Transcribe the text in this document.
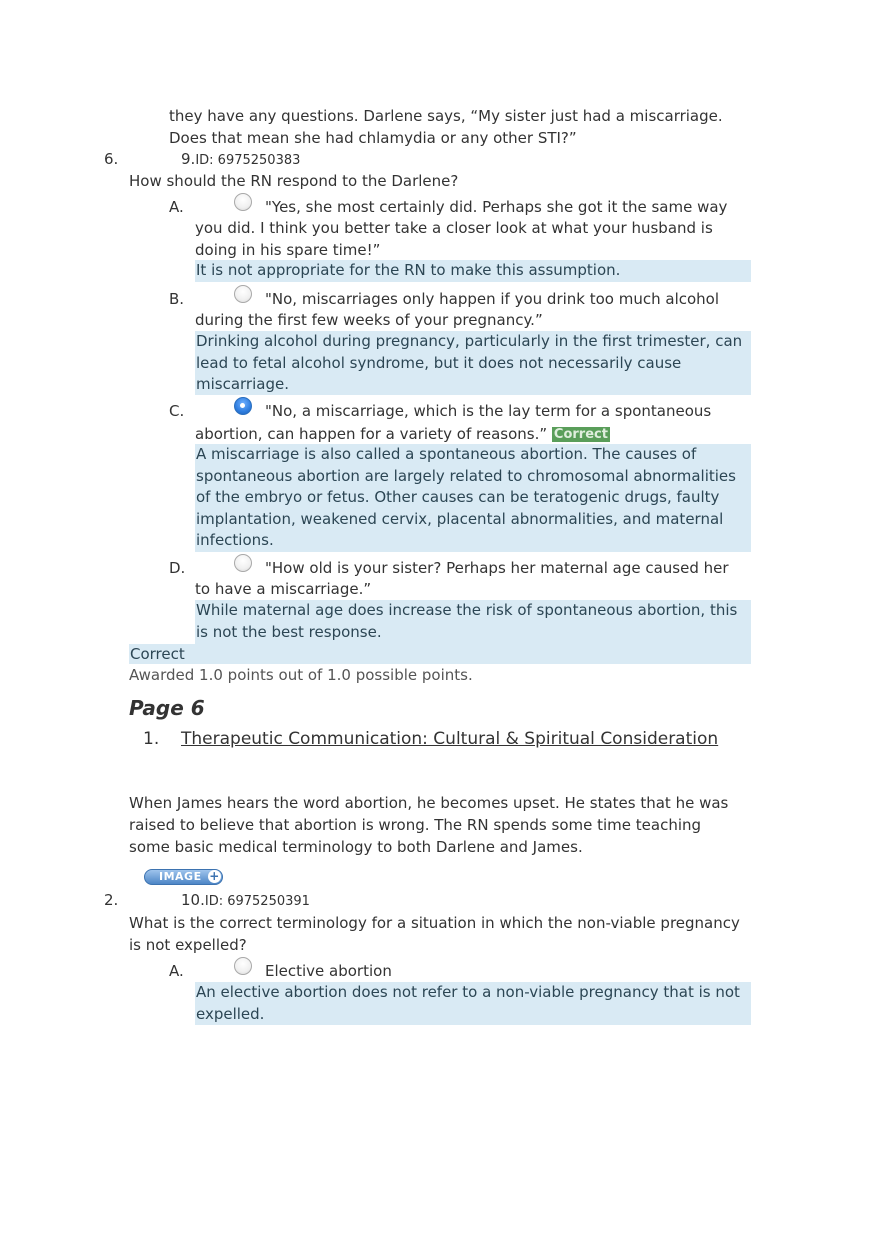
they have any questions. Darlene says, “My sister just had a miscarriage.
Does that mean she had chlamydia or any other STI?”
6.	9.ID: 6975250383
How should the RN respond to the Darlene?
A.	"Yes, she most certainly did. Perhaps she got it the same way
you did. I think you better take a closer look at what your husband is
doing in his spare time!”
It is not appropriate for the RN to make this assumption.
B.	"No, miscarriages only happen if you drink too much alcohol
during the first few weeks of your pregnancy.”
Drinking alcohol during pregnancy, particularly in the first trimester, can
lead to fetal alcohol syndrome, but it does not necessarily cause
miscarriage.
C.	"No, a miscarriage, which is the lay term for a spontaneous
abortion, can happen for a variety of reasons.” Correct
A miscarriage is also called a spontaneous abortion. The causes of
spontaneous abortion are largely related to chromosomal abnormalities
of the embryo or fetus. Other causes can be teratogenic drugs, faulty
implantation, weakened cervix, placental abnormalities, and maternal
infections.
D.	"How old is your sister? Perhaps her maternal age caused her
to have a miscarriage.”
While maternal age does increase the risk of spontaneous abortion, this
is not the best response.
Correct
Awarded 1.0 points out of 1.0 possible points.
Page 6
1. Therapeutic Communication: Cultural & Spiritual Consideration
When James hears the word abortion, he becomes upset. He states that he was
raised to believe that abortion is wrong. The RN spends some time teaching
some basic medical terminology to both Darlene and James.
IMAGE +
2.	10.ID: 6975250391
What is the correct terminology for a situation in which the non-viable pregnancy
is not expelled?
A.	Elective abortion
An elective abortion does not refer to a non-viable pregnancy that is not
expelled.
